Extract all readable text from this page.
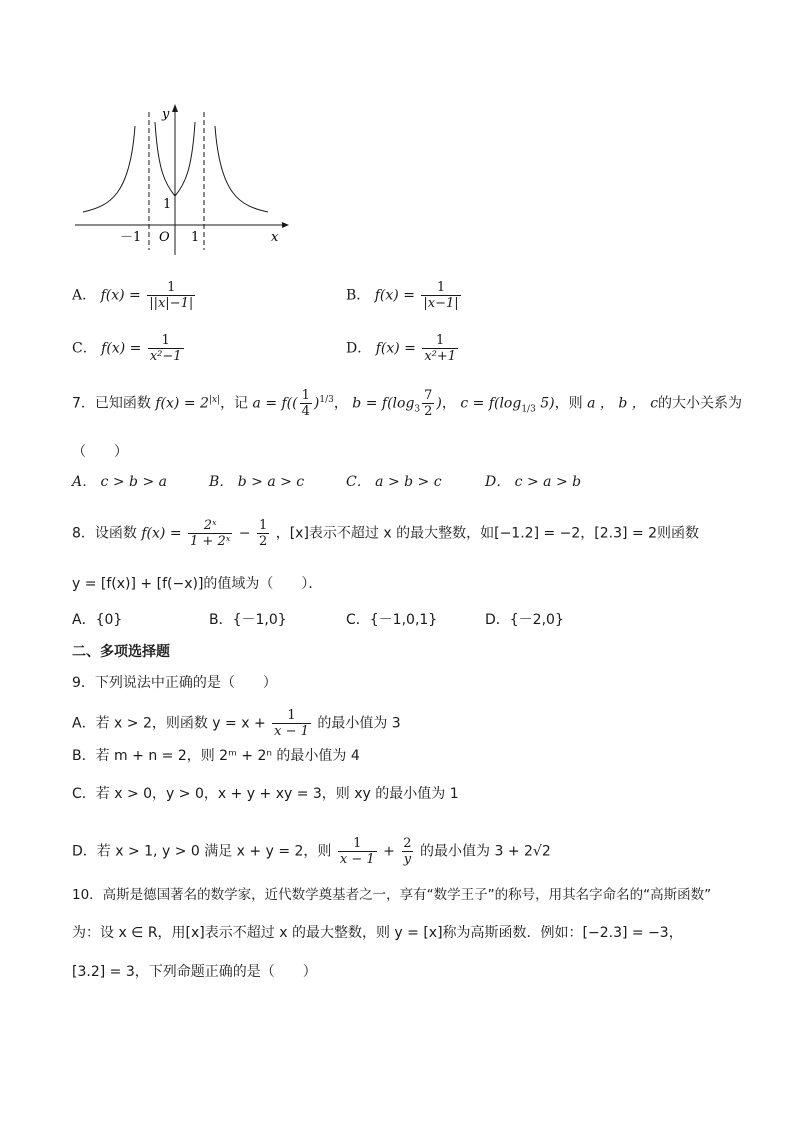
y
x
O
－1	1
1
A． $f(x) = \frac{1}{||x|-1|}$	B． $f(x) = \frac{1}{|x-1|}$
C． $f(x) = \frac{1}{\text{x²−1}}$	D． $f(x) = \frac{1}{\text{x²+1}}$
7．已知函数 $f(x) = 2^{|x|}$，记 $a = f(( \frac{1}{4} )^{1/3}$， $b = f(\log_3 \frac{7}{2}$ )， $c = f(\log_{1/3}$ 5)，则 a ， b ， c的大小关系为
（　　）
A． c > b > a	B． b > a > c	C． a > b > c	D． c > a > b
8．设函数 $f(x) = \frac{\text{2ˣ}}{\text{1 + 2ˣ}} - \frac{1}{2}$ ，[x]表示不超过 x 的最大整数，如[−1.2] = −2，[2.3] = 2则函数
y = [f(x)] + [f(−x)]的值域为（　　）．
A．{0}	B．{－1,0}	C．{－1,0,1}	D．{－2,0}
二、多项选择题
9．下列说法中正确的是（　　）
A．若 x > 2，则函数 $y = x + \frac{1}{x - 1}$ 的最小值为 3
B．若 m + n = 2，则 2ᵐ + 2ⁿ 的最小值为 4
C．若 x > 0，y > 0，x + y + xy = 3，则 xy 的最小值为 1
D．若 x > 1, y > 0 满足 x + y = 2，则 $\frac{1}{x - 1} + \frac{2}{y}$ 的最小值为 3 + 2√2
10．高斯是德国著名的数学家，近代数学奠基者之一，享有“数学王子”的称号，用其名字命名的“高斯函数”
为：设 x ∈ R，用[x]表示不超过 x 的最大整数，则 y = [x]称为高斯函数．例如：[−2.3] = −3，
[3.2] = 3，下列命题正确的是（　　）
